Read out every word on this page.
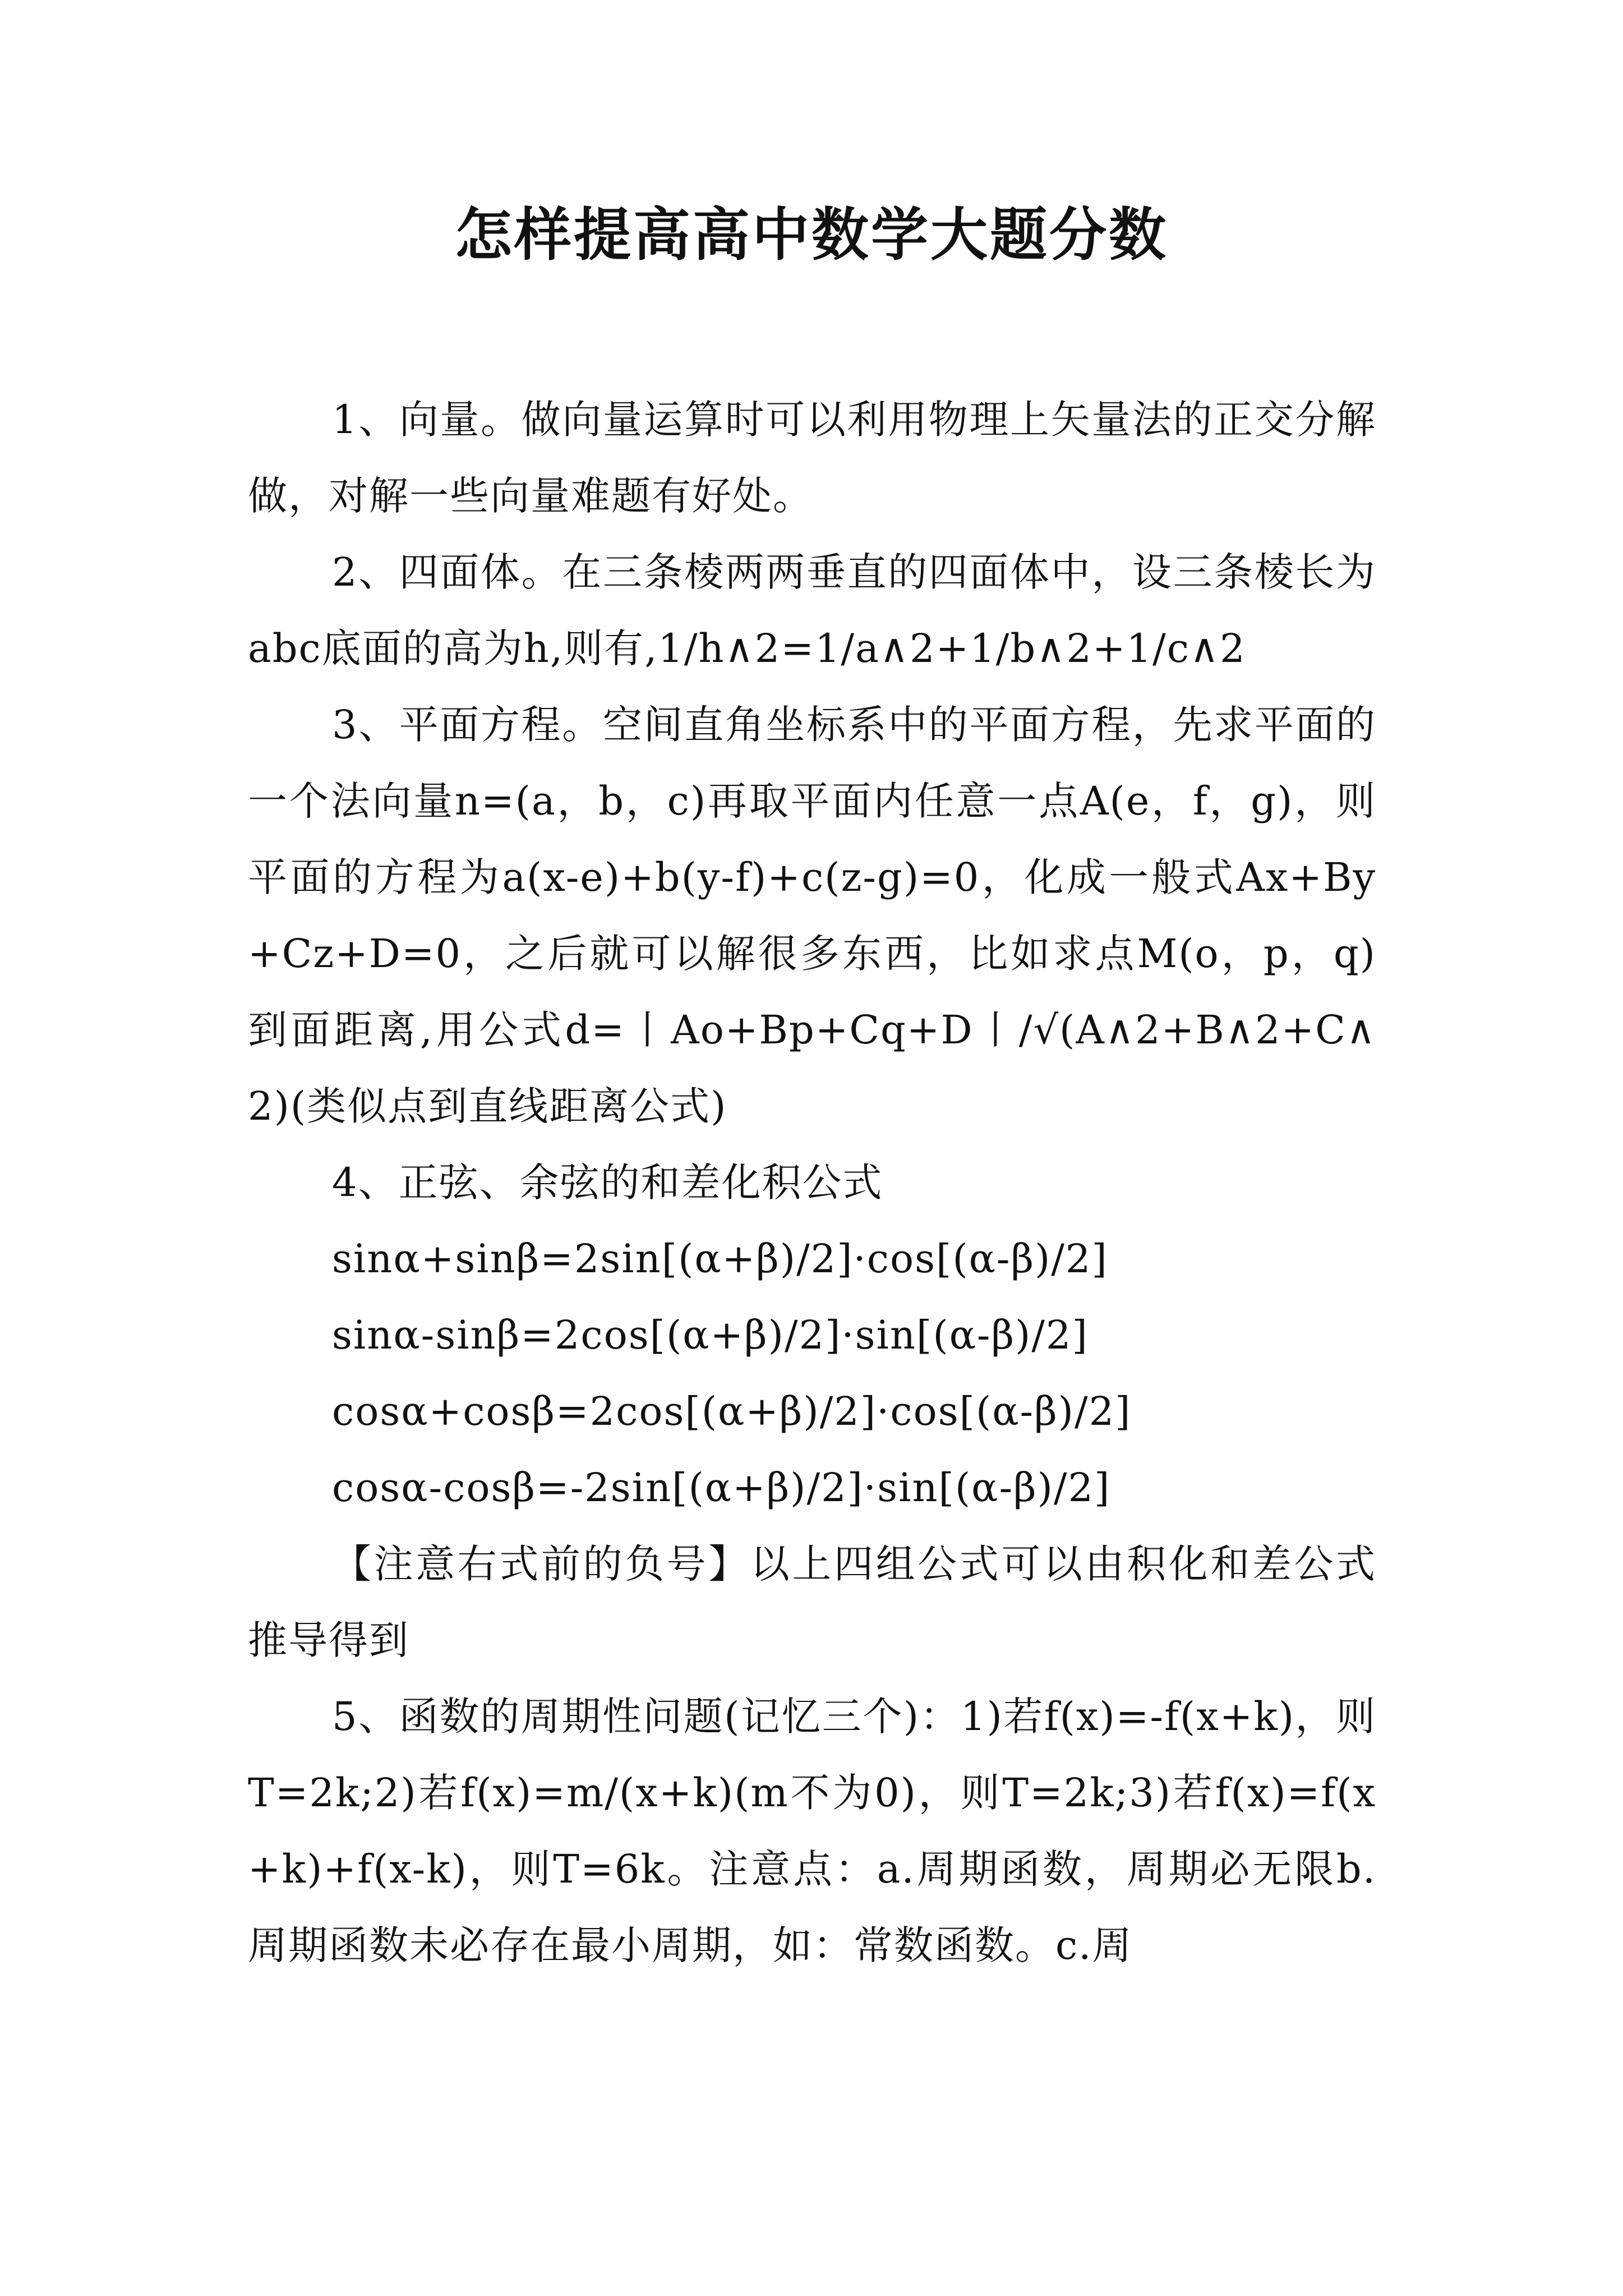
怎样提高高中数学大题分数

1、向量。做向量运算时可以利用物理上矢量法的正交分解做，对解一些向量难题有好处。

2、四面体。在三条棱两两垂直的四面体中，设三条棱长为abc底面的高为h,则有,1/h∧2=1/a∧2+1/b∧2+1/c∧2

3、平面方程。空间直角坐标系中的平面方程，先求平面的一个法向量n=(a，b，c)再取平面内任意一点A(e，f，g)，则平面的方程为a(x-e)+b(y-f)+c(z-g)=0，化成一般式Ax+By+Cz+D=0，之后就可以解很多东西，比如求点M(o，p，q)到面距离,用公式d=丨Ao+Bp+Cq+D丨/√(A∧2+B∧2+C∧2)(类似点到直线距离公式)

4、正弦、余弦的和差化积公式

sinα+sinβ=2sin[(α+β)/2]·cos[(α-β)/2]

sinα-sinβ=2cos[(α+β)/2]·sin[(α-β)/2]

cosα+cosβ=2cos[(α+β)/2]·cos[(α-β)/2]

cosα-cosβ=-2sin[(α+β)/2]·sin[(α-β)/2]

【注意右式前的负号】以上四组公式可以由积化和差公式推导得到

5、函数的周期性问题(记忆三个)：1)若f(x)=-f(x+k)，则T=2k;2)若f(x)=m/(x+k)(m不为0)，则T=2k;3)若f(x)=f(x+k)+f(x-k)，则T=6k。注意点：a.周期函数，周期必无限b.周期函数未必存在最小周期，如：常数函数。c.周
